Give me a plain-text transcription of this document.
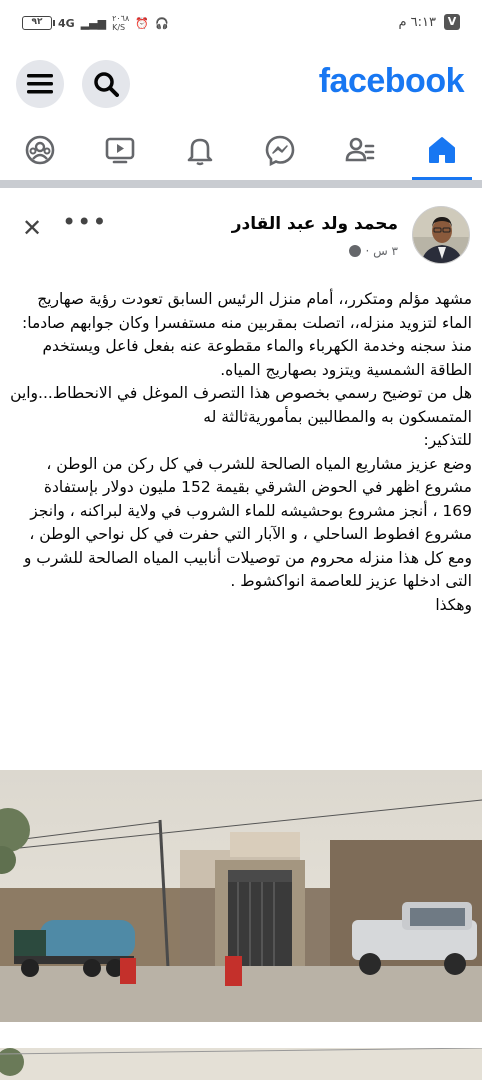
٩٢	4G ▂▄▆ ٢٠٦٨
K/S ⏰ 🎧	٦:١٣ م	V
facebook
محمد ولد عبد القادر
٣ س ·
•••
✕
مشهد مؤلم ومتكرر،، أمام منزل الرئيس السابق تعودت رؤية صهاريج الماء لتزويد منزله،، اتصلت بمقربين منه مستفسرا وكان جوابهم صادما: منذ سجنه وخدمة الكهرباء والماء مقطوعة عنه بفعل فاعل ويستخدم الطاقة الشمسية ويتزود بصهاريج المياه.
هل من توضيح رسمي بخصوص هذا التصرف الموغل في الانحطاط...واين المتمسكون به والمطالبين بمأموريةثالثة له
للتذكير:
وضع عزيز مشاريع المياه الصالحة للشرب في كل ركن من الوطن ، مشروع اظهر في الحوض الشرقي بقيمة 152 مليون دولار بإستفادة 169 ، أنجز مشروع بوحشيشه للماء الشروب في ولاية لبراكنه ، وانجز مشروع افطوط الساحلي ، و الآبار التي حفرت في كل نواحي الوطن ، ومع كل هذا منزله محروم من توصيلات أنابيب المياه الصالحة للشرب و التى ادخلها عزيز للعاصمة انواكشوط .
وهكذا
